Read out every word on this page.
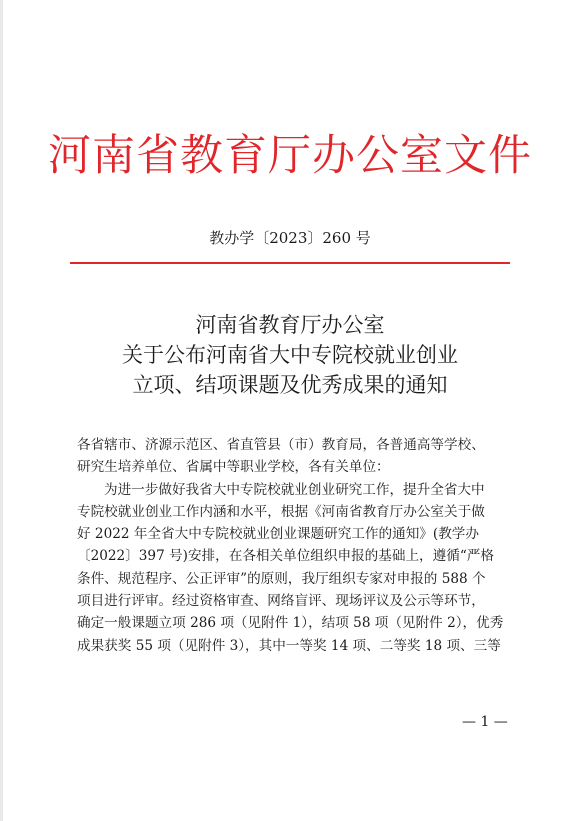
河南省教育厅办公室文件
教办学〔2023〕260 号
河南省教育厅办公室
关于公布河南省大中专院校就业创业
立项、结项课题及优秀成果的通知

各省辖市、济源示范区、省直管县（市）教育局，各普通高等学校、

研究生培养单位、省属中等职业学校，各有关单位：

为进一步做好我省大中专院校就业创业研究工作，提升全省大中

专院校就业创业工作内涵和水平，根据《河南省教育厅办公室关于做

好 2022 年全省大中专院校就业创业课题研究工作的通知》(教学办

〔2022〕397 号)安排，在各相关单位组织申报的基础上，遵循“严格

条件、规范程序、公正评审”的原则，我厅组织专家对申报的 588 个

项目进行评审。经过资格审查、网络盲评、现场评议及公示等环节，

确定一般课题立项 286 项（见附件 1），结项 58 项（见附件 2），优秀

成果获奖 55 项（见附件 3），其中一等奖 14 项、二等奖 18 项、三等

— 1 —
